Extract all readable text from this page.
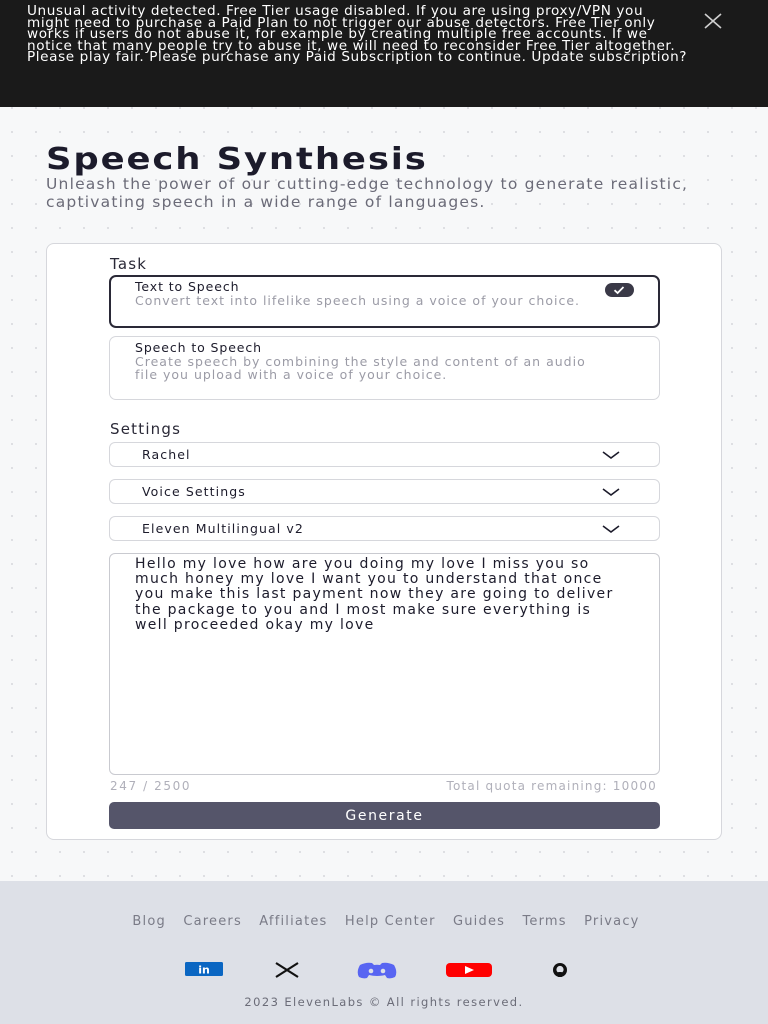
Unusual activity detected. Free Tier usage disabled. If you are using proxy/VPN you might need to purchase a Paid Plan to not trigger our abuse detectors. Free Tier only works if users do not abuse it, for example by creating multiple free accounts. If we notice that many people try to abuse it, we will need to reconsider Free Tier altogether. Please play fair. Please purchase any Paid Subscription to continue. Update subscription?
Speech Synthesis
Unleash the power of our cutting-edge technology to generate realistic, captivating speech in a wide range of languages.
Task
Text to Speech
Convert text into lifelike speech using a voice of your choice.
Speech to Speech
Create speech by combining the style and content of an audio file you upload with a voice of your choice.
Settings
Rachel
Voice Settings
Eleven Multilingual v2
Hello my love how are you doing my love I miss you so much honey my love I want you to understand that once you make this last payment now they are going to deliver the package to you and I most make sure everything is well proceeded okay my love
247 / 2500	Total quota remaining: 10000
Generate
Blog Careers Affiliates Help Center Guides Terms Privacy
in
2023 ElevenLabs © All rights reserved.
